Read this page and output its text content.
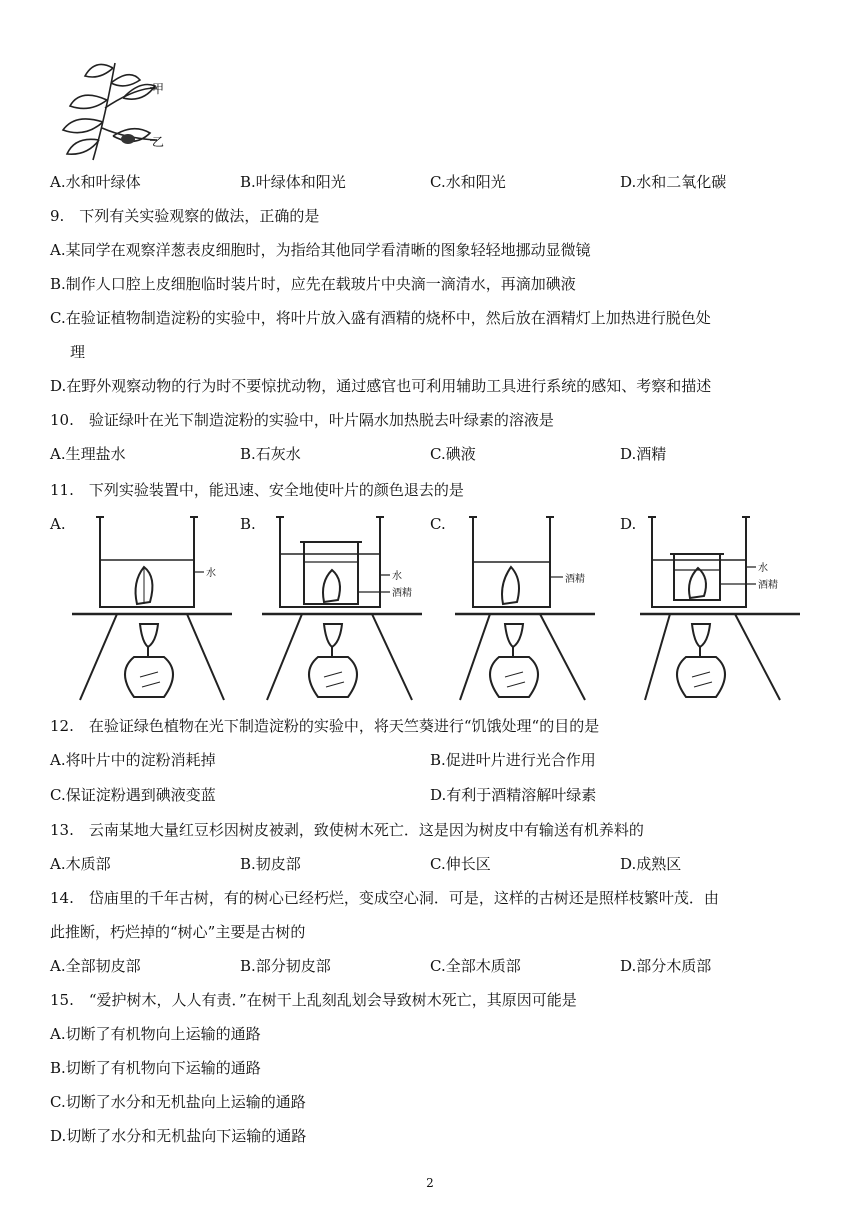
甲
乙
A.水和叶绿体	B.叶绿体和阳光	C.水和阳光	D.水和二氧化碳
9.　下列有关实验观察的做法，正确的是
A.某同学在观察洋葱表皮细胞时，为指给其他同学看清晰的图象轻轻地挪动显微镜
B.制作人口腔上皮细胞临时装片时，应先在载玻片中央滴一滴清水，再滴加碘液
C.在验证植物制造淀粉的实验中，将叶片放入盛有酒精的烧杯中，然后放在酒精灯上加热进行脱色处
理
D.在野外观察动物的行为时不要惊扰动物，通过感官也可利用辅助工具进行系统的感知、考察和描述
10.　验证绿叶在光下制造淀粉的实验中，叶片隔水加热脱去叶绿素的溶液是
A.生理盐水	B.石灰水	C.碘液	D.酒精
11.　下列实验装置中，能迅速、安全地使叶片的颜色退去的是
A.	B.	C.	D.
水	水
酒精
酒精
水
酒精
12.　在验证绿色植物在光下制造淀粉的实验中，将天竺葵进行“饥饿处理“的目的是
A.将叶片中的淀粉消耗掉	B.促进叶片进行光合作用
C.保证淀粉遇到碘液变蓝	D.有利于酒精溶解叶绿素
13.　云南某地大量红豆杉因树皮被剥，致使树木死亡．这是因为树皮中有输送有机养料的
A.木质部	B.韧皮部	C.伸长区	D.成熟区
14.　岱庙里的千年古树，有的树心已经朽烂，变成空心洞．可是，这样的古树还是照样枝繁叶茂．由
此推断，朽烂掉的“树心”主要是古树的
A.全部韧皮部	B.部分韧皮部	C.全部木质部	D.部分木质部
15.　“爱护树木，人人有责．”在树干上乱刻乱划会导致树木死亡，其原因可能是
A.切断了有机物向上运输的通路
B.切断了有机物向下运输的通路
C.切断了水分和无机盐向上运输的通路
D.切断了水分和无机盐向下运输的通路
2
